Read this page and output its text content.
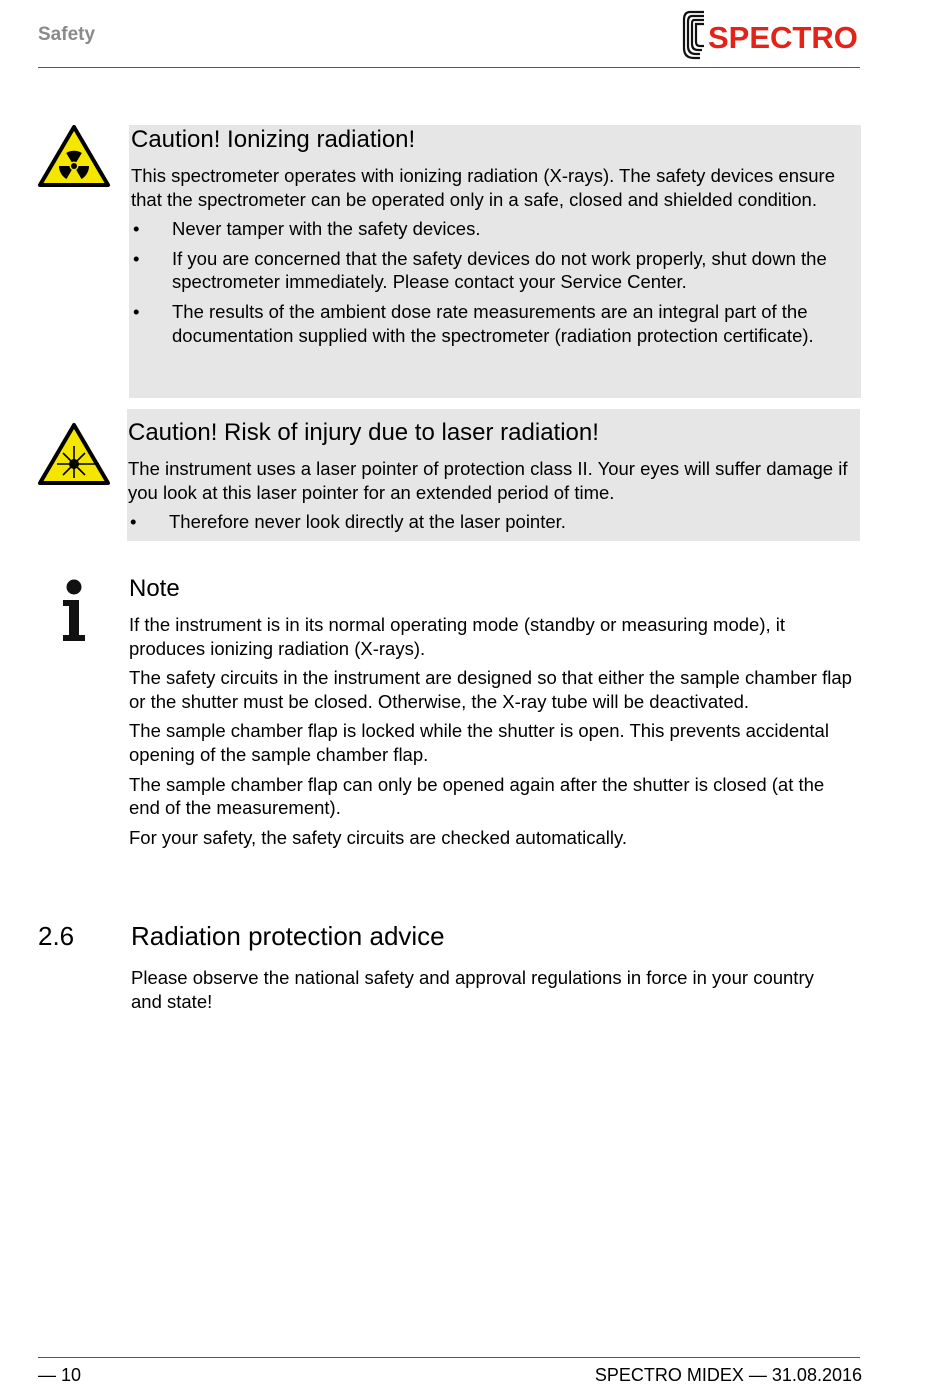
Safety	SPECTRO
Caution! Ionizing radiation!
This spectrometer operates with ionizing radiation (X-rays). The safety devices ensure that the spectrometer can be operated only in a safe, closed and shielded condition.
• Never tamper with the safety devices.
• If you are concerned that the safety devices do not work properly, shut down the spectrometer immediately. Please contact your Service Center.
• The results of the ambient dose rate measurements are an integral part of the documentation supplied with the spectrometer (radiation protection certificate).
Caution! Risk of injury due to laser radiation!
The instrument uses a laser pointer of protection class II. Your eyes will suffer damage if you look at this laser pointer for an extended period of time.
• Therefore never look directly at the laser pointer.
Note
If the instrument is in its normal operating mode (standby or measuring mode), it produces ionizing radiation (X-rays).
The safety circuits in the instrument are designed so that either the sample chamber flap or the shutter must be closed. Otherwise, the X-ray tube will be deactivated.
The sample chamber flap is locked while the shutter is open. This prevents accidental opening of the sample chamber flap.
The sample chamber flap can only be opened again after the shutter is closed (at the end of the measurement).
For your safety, the safety circuits are checked automatically.
2.6 Radiation protection advice
Please observe the national safety and approval regulations in force in your country and state!
— 10	SPECTRO MIDEX — 31.08.2016
